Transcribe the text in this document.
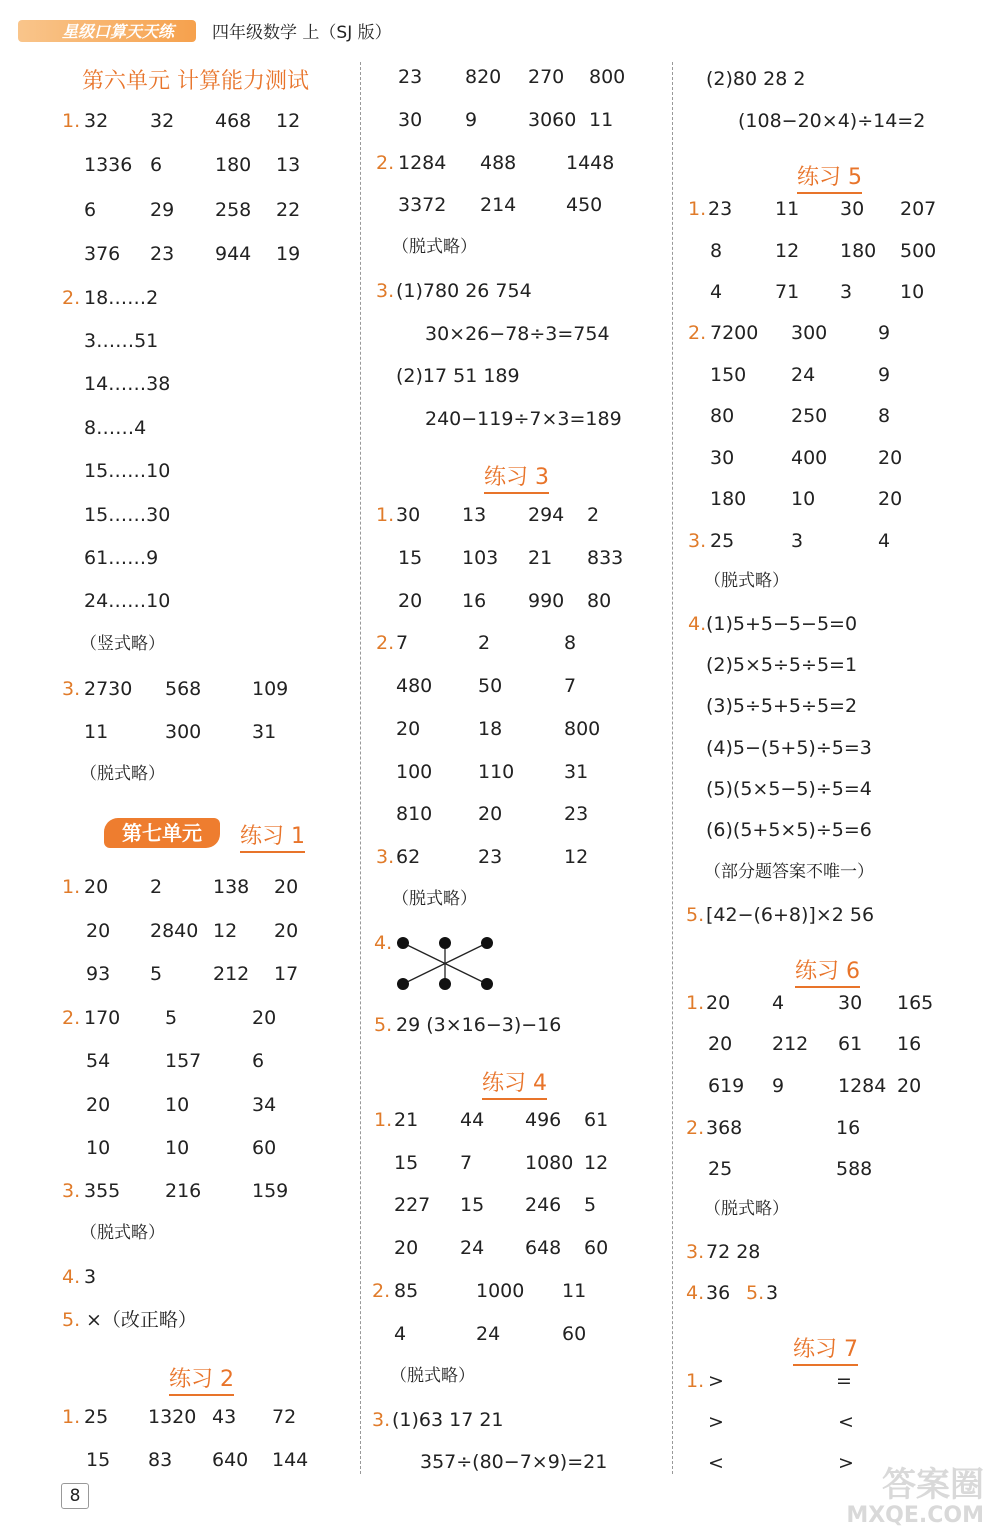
星级口算天天练 四年级数学 上（SJ 版）
第六单元 计算能力测试
1. 32 32 468 12
1336 6	180 13
6	29 258 22
376 23 944 19
2. 18……2
3……51
14……38
8……4
15……10
15……30
61……9
24……10
（竖式略）
3. 2730 568	109
11	300	31
（脱式略）
第七单元	练习 1
1. 20 2	138 20
20 2840 12 20
93 5	212 17
2. 170 5	20
54	157	6
20	10	34
10	10	60
3. 355 216	159
（脱式略）
4. 3
5. ×（改正略）
练习 2
1. 25 1320 43 72
15 83 640 144
23 820 270 800
30 9	3060 11
2. 1284 488	1448
3372 214	450
（脱式略）
3. (1)780 26 754
30×26−78÷3=754
(2)17 51 189
240−119÷7×3=189
练习 3
1. 30 13 294 2
15 103 21 833
20 16 990 80
2. 7	2	8
480 50	7
20	18	800
100 110	31
810 20	23
3. 62	23	12
（脱式略）
4.
5. 29 (3×16−3)−16
练习 4
1. 21 44 496 61
15 7	1080 12
227 15 246 5
20 24 648 60
2. 85	1000 11
4	24	60
（脱式略）
3. (1)63 17 21
357÷(80−7×9)=21
(2)80 28 2
(108−20×4)÷14=2
练习 5
1. 23 11 30 207
8	12 180 500
4	71 3	10
2. 7200 300	9
150 24	9
80	250	8
30	400	20
180 10	20
3. 25	3	4
（脱式略）
4. (1)5+5−5−5=0
(2)5×5÷5÷5=1
(3)5÷5+5÷5=2
(4)5−(5+5)÷5=3
(5)(5×5−5)÷5=4
(6)(5+5×5)÷5=6
（部分题答案不唯一）
5. [42−(6+8)]×2 56
练习 6
1. 20 4	30 165
20 212 61 16
619 9	1284 20
2. 368	16
25	588
（脱式略）
3. 72 28
4. 36 5. 3
练习 7
1. >	=
>	<
<	>
8	答案圈
MXQE.COM
